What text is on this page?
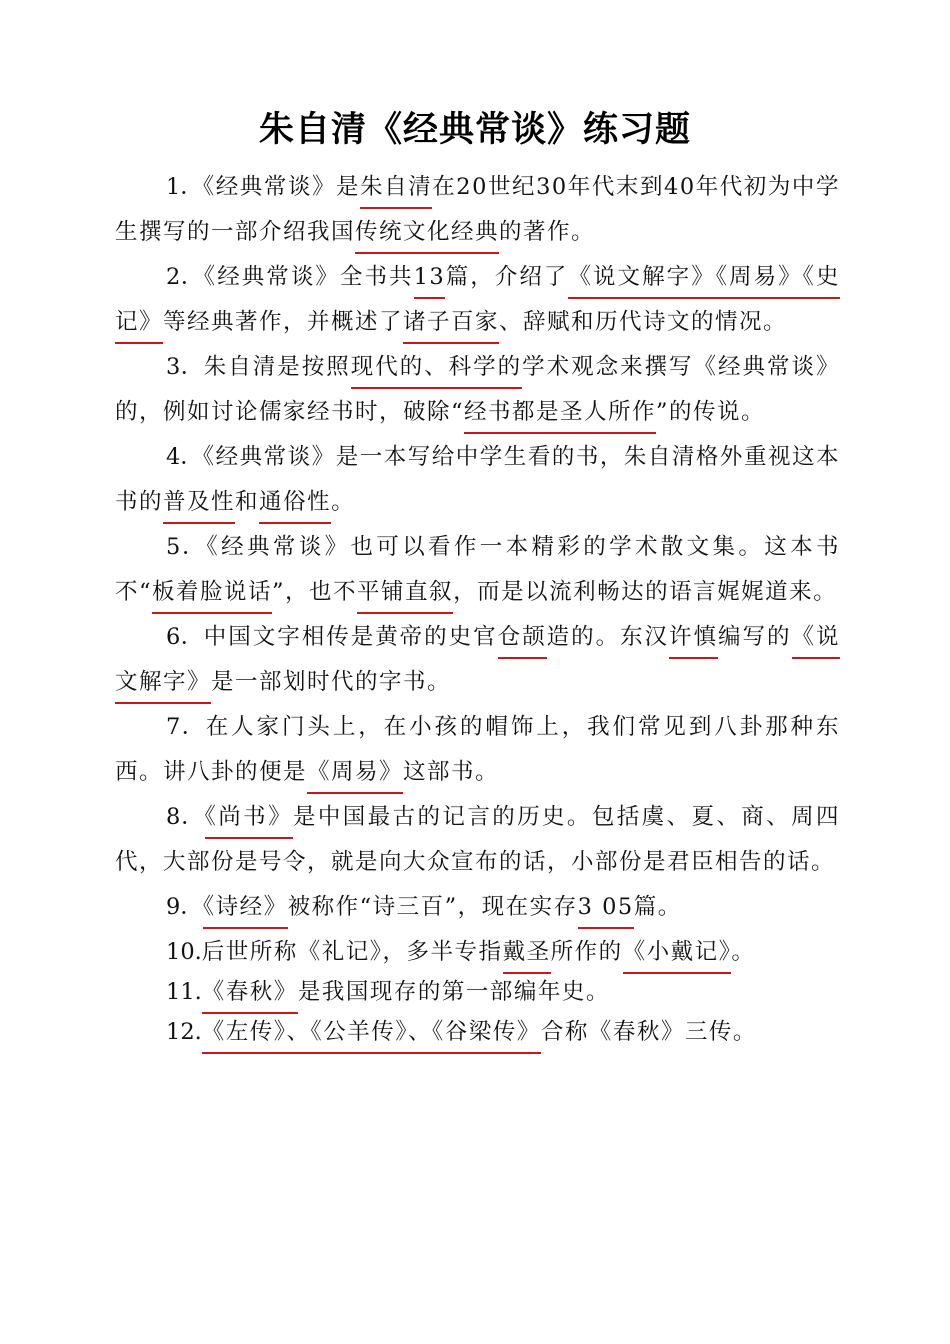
朱自清《经典常谈》练习题

1．《经典常谈》是朱自清在20世纪30年代末到40年代初为中学生撰写的一部介绍我国传统文化经典的著作。

2．《经典常谈》全书共13篇，介绍了《说文解字》《周易》《史记》等经典著作，并概述了诸子百家、辞赋和历代诗文的情况。

3．朱自清是按照现代的、科学的学术观念来撰写《经典常谈》的，例如讨论儒家经书时，破除“经书都是圣人所作”的传说。

4．《经典常谈》是一本写给中学生看的书，朱自清格外重视这本书的普及性和通俗性。

5．《经典常谈》也可以看作一本精彩的学术散文集。这本书不“板着脸说话”，也不平铺直叙，而是以流利畅达的语言娓娓道来。

6．中国文字相传是黄帝的史官仓颉造的。东汉许慎编写的《说文解字》是一部划时代的字书。

7．在人家门头上，在小孩的帽饰上，我们常见到八卦那种东西。讲八卦的便是《周易》这部书。

8．《尚书》是中国最古的记言的历史。包括虞、夏、商、周四代，大部份是号令，就是向大众宣布的话，小部份是君臣相告的话。

9．《诗经》被称作“诗三百”，现在实存3 05篇。

10.后世所称《礼记》，多半专指戴圣所作的《小戴记》。

11.《春秋》是我国现存的第一部编年史。

12.《左传》、《公羊传》、《谷梁传》合称《春秋》三传。
